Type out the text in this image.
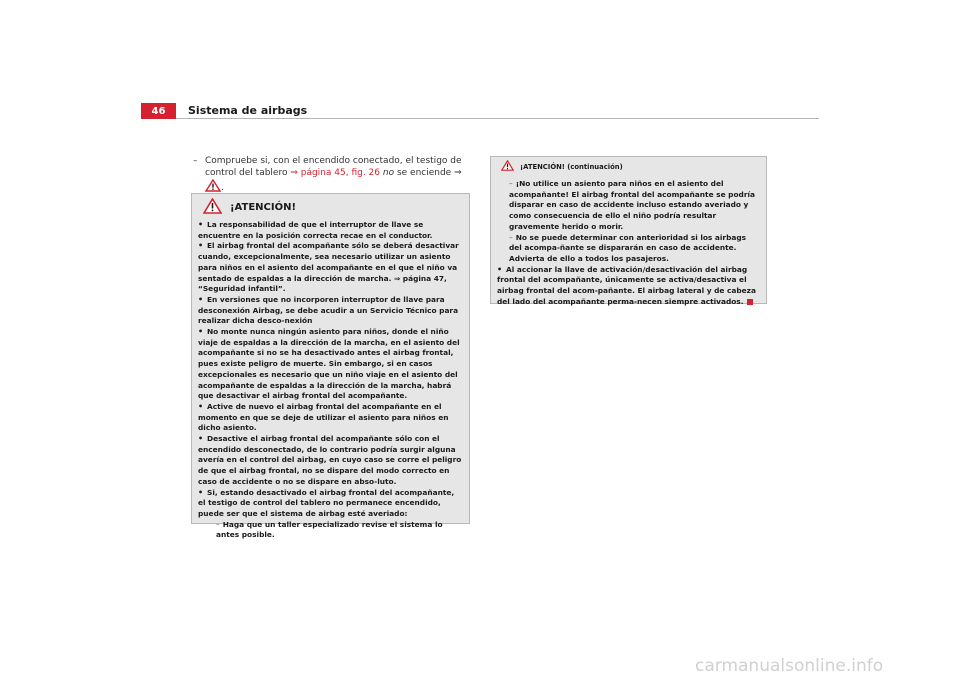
46	Sistema de airbags
– Compruebe si, con el encendido conectado, el testigo de control del tablero ⇒ página 45, fig. 26 no se enciende ⇒ .
¡ATENCIÓN!

• La responsabilidad de que el interruptor de llave se encuentre en la posición correcta recae en el conductor.

• El airbag frontal del acompañante sólo se deberá desactivar cuando, excepcionalmente, sea necesario utilizar un asiento para niños en el asiento del acompañante en el que el niño va sentado de espaldas a la dirección de marcha. ⇒ página 47, “Seguridad infantil”.

• En versiones que no incorporen interruptor de llave para desconexión Airbag, se debe acudir a un Servicio Técnico para realizar dicha desco-nexión

• No monte nunca ningún asiento para niños, donde el niño viaje de espaldas a la dirección de la marcha, en el asiento del acompañante si no se ha desactivado antes el airbag frontal, pues existe peligro de muerte. Sin embargo, si en casos excepcionales es necesario que un niño viaje en el asiento del acompañante de espaldas a la dirección de la marcha, habrá que desactivar el airbag frontal del acompañante.

• Active de nuevo el airbag frontal del acompañante en el momento en que se deje de utilizar el asiento para niños en dicho asiento.

• Desactive el airbag frontal del acompañante sólo con el encendido desconectado, de lo contrario podría surgir alguna avería en el control del airbag, en cuyo caso se corre el peligro de que el airbag frontal, no se dispare del modo correcto en caso de accidente o no se dispare en abso-luto.

• Si, estando desactivado el airbag frontal del acompañante, el testigo de control del tablero no permanece encendido, puede ser que el sistema de airbag esté averiado:

– Haga que un taller especializado revise el sistema lo antes posible.

¡ATENCIÓN! (continuación)

– ¡No utilice un asiento para niños en el asiento del acompañante! El airbag frontal del acompañante se podría disparar en caso de accidente incluso estando averiado y como consecuencia de ello el niño podría resultar gravemente herido o morir.

– No se puede determinar con anterioridad si los airbags del acompa-ñante se dispararán en caso de accidente. Advierta de ello a todos los pasajeros.

• Al accionar la llave de activación/desactivación del airbag frontal del acompañante, únicamente se activa/desactiva el airbag frontal del acom-pañante. El airbag lateral y de cabeza del lado del acompañante perma-necen siempre activados.

carmanualsonline.info
